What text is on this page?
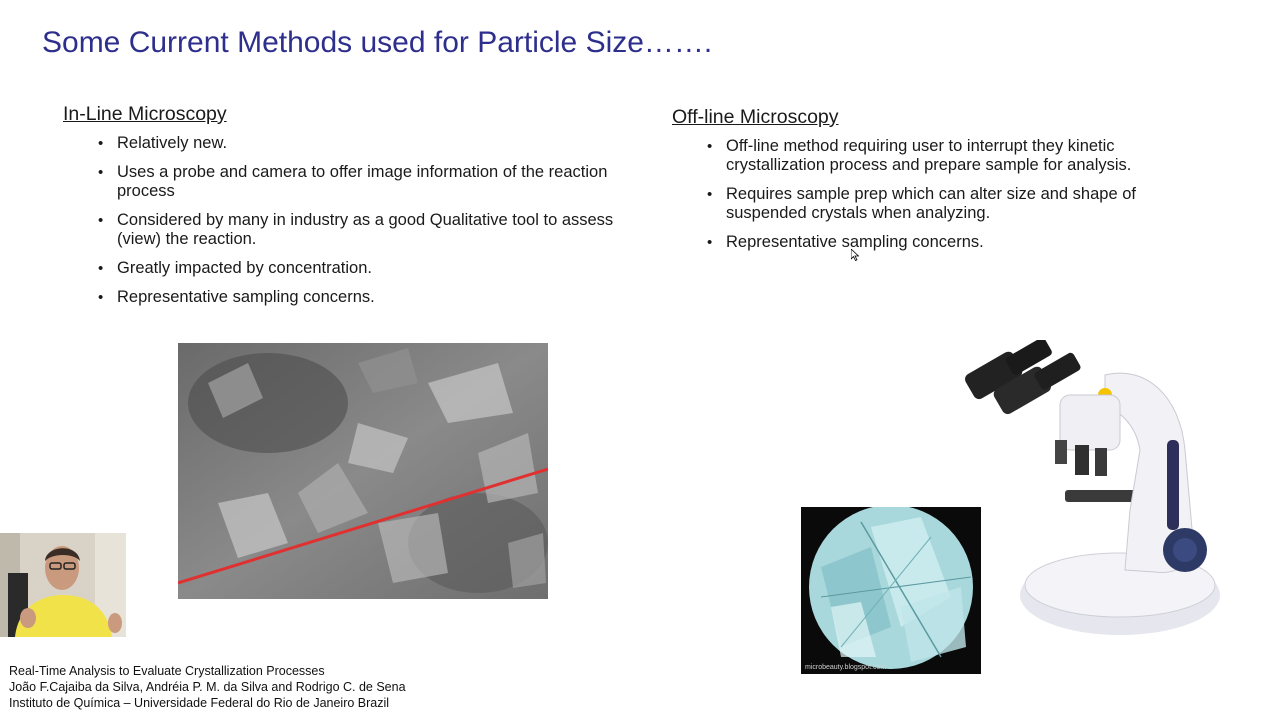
Some Current Methods used for Particle Size…….
In-Line Microscopy
• Relatively new.
• Uses a probe and camera to offer image information of the reaction process
• Considered by many in industry as a good Qualitative tool to assess (view) the reaction.
• Greatly impacted by concentration.
• Representative sampling concerns.
Off-line Microscopy
• Off-line method requiring user to interrupt they kinetic crystallization process and prepare sample for analysis.
• Requires sample prep which can alter size and shape of suspended crystals when analyzing.
• Representative sampling concerns.
microbeauty.blogspot.com
Real-Time Analysis to Evaluate Crystallization Processes
João F.Cajaiba da Silva, Andréia P. M. da Silva and Rodrigo C. de Sena
Instituto de Química – Universidade Federal do Rio de Janeiro Brazil
